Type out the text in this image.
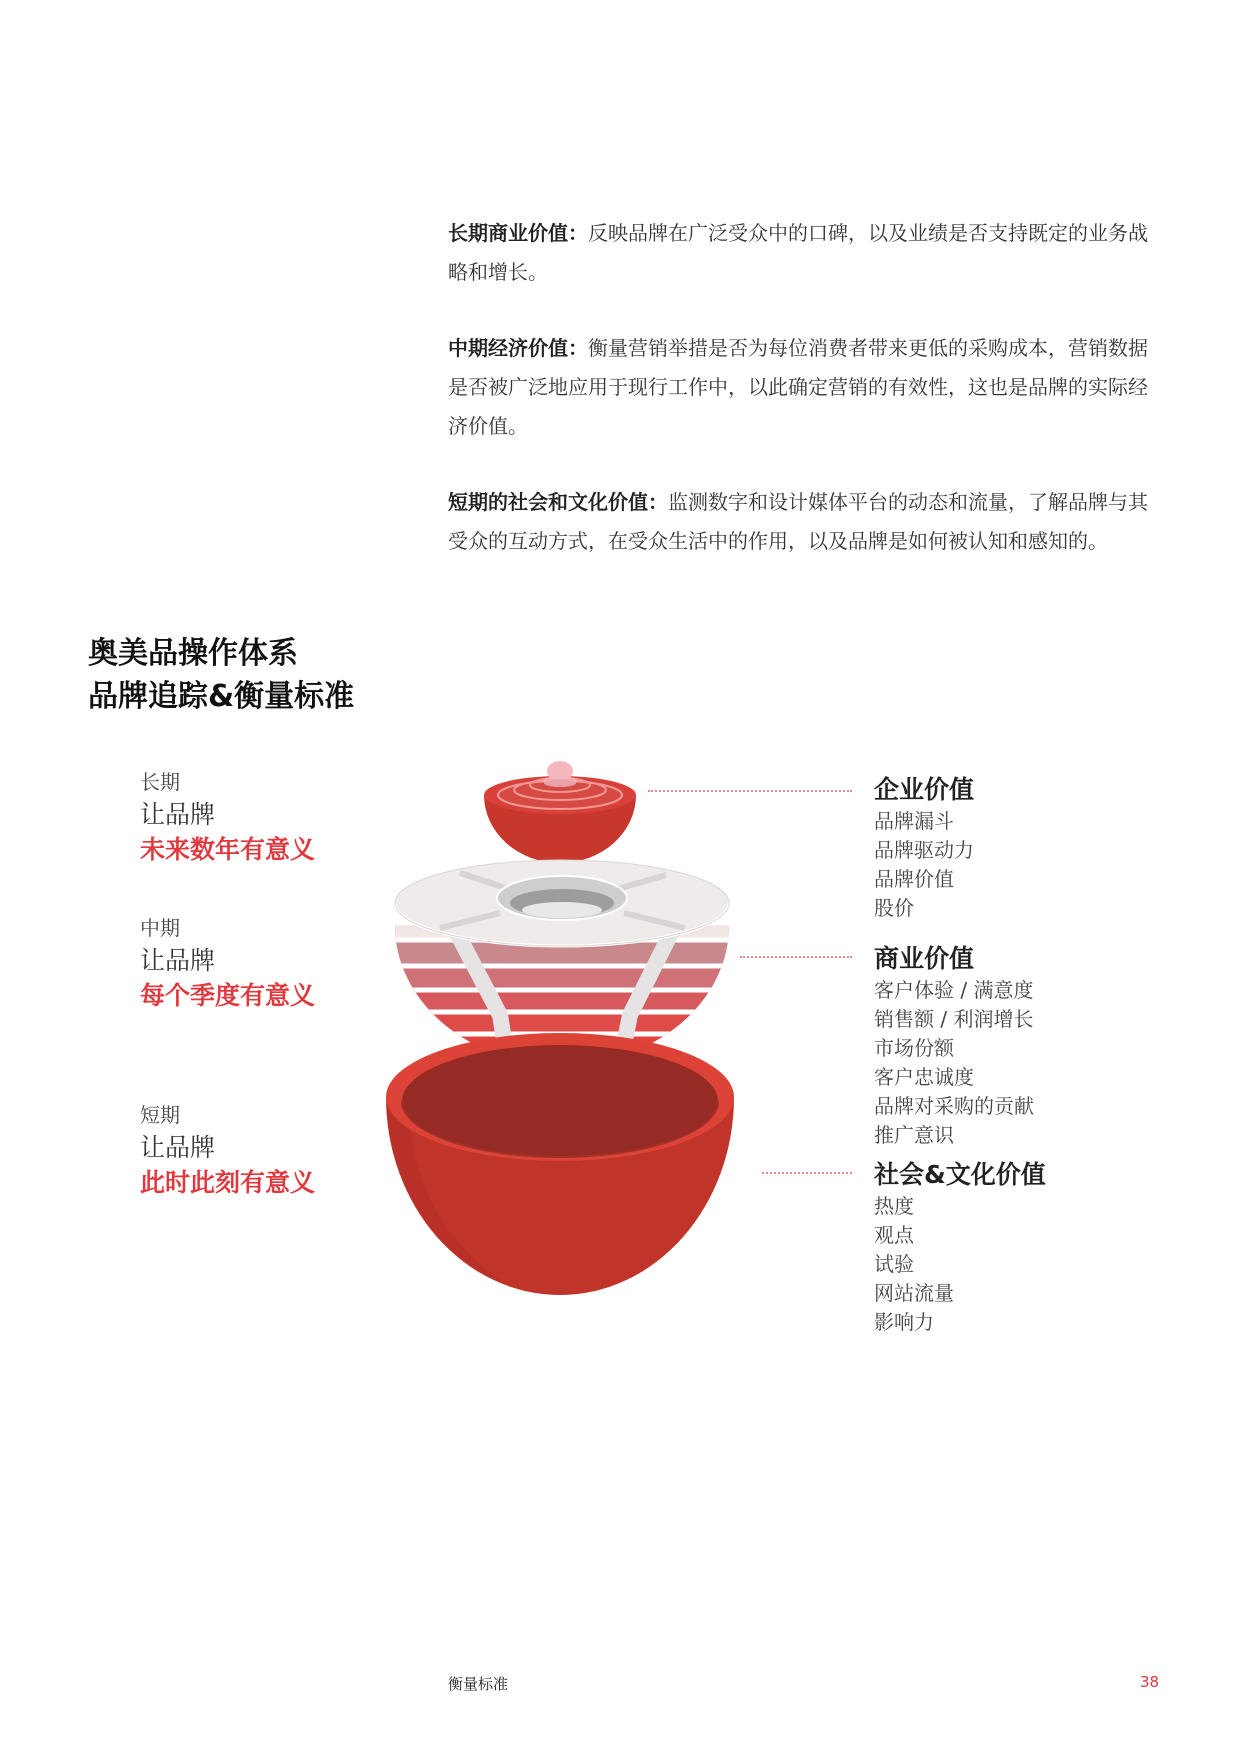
长期商业价值：反映品牌在广泛受众中的口碑，以及业绩是否支持既定的业务战略和增长。
中期经济价值：衡量营销举措是否为每位消费者带来更低的采购成本，营销数据是否被广泛地应用于现行工作中，以此确定营销的有效性，这也是品牌的实际经济价值。
短期的社会和文化价值：监测数字和设计媒体平台的动态和流量，了解品牌与其受众的互动方式，在受众生活中的作用，以及品牌是如何被认知和感知的。
奥美品操作体系
品牌追踪&衡量标准
长期
让品牌
未来数年有意义
中期
让品牌
每个季度有意义
短期
让品牌
此时此刻有意义
企业价值
品牌漏斗
品牌驱动力
品牌价值
股价
商业价值
客户体验 / 满意度
销售额 / 利润增长
市场份额
客户忠诚度
品牌对采购的贡献
推广意识
社会&文化价值
热度
观点
试验
网站流量
影响力
衡量标准	38
